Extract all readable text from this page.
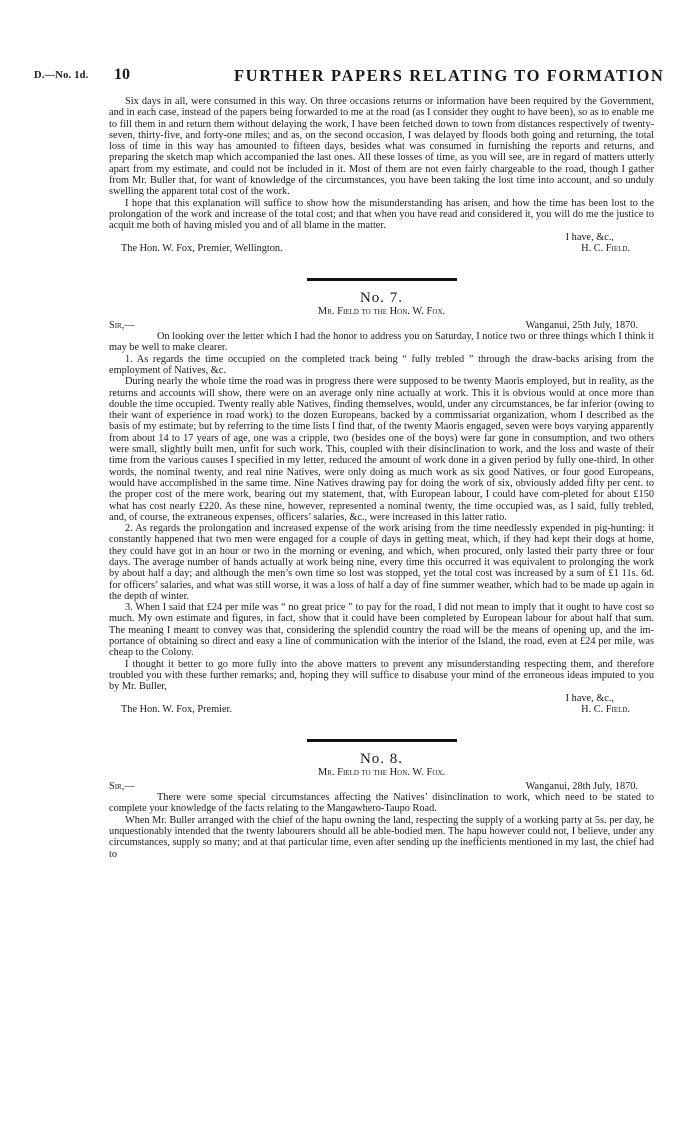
D.—No. 1d. 10	FURTHER PAPERS RELATING TO FORMATION

Six days in all, were consumed in this way. On three occasions returns or information have been required by the Government, and in each case, instead of the papers being forwarded to me at the road (as I consider they ought to have been), so as to enable me to fill them in and return them without delaying the work, I have been fetched down to town from distances respectively of twenty-seven, thirty-five, and forty-one miles; and as, on the second occasion, I was delayed by floods both going and returning, the total loss of time in this way has amounted to fifteen days, besides what was consumed in furnishing the reports and returns, and preparing the sketch map which accompanied the last ones. All these losses of time, as you will see, are in regard of matters utterly apart from my estimate, and could not be included in it. Most of them are not even fairly chargeable to the road, though I gather from Mr. Buller that, for want of knowledge of the circumstances, you have been taking the lost time into account, and so unduly swelling the apparent total cost of the work.

I hope that this explanation will suffice to show how the misunderstanding has arisen, and how the time has been lost to the prolongation of the work and increase of the total cost; and that when you have read and considered it, you will do me the justice to acquit me both of having misled you and of all blame in the matter.

I have, &c.,

The Hon. W. Fox, Premier, Wellington.	H. C. Field.
No. 7.
Mr. Field to the Hon. W. Fox.
Sir,—	Wanganui, 25th July, 1870.

On looking over the letter which I had the honor to address you on Saturday, I notice two or three things which I think it may be well to make clearer.

1. As regards the time occupied on the completed track being “ fully trebled ” through the draw-backs arising from the employment of Natives, &c.

During nearly the whole time the road was in progress there were supposed to be twenty Maoris employed, but in reality, as the returns and accounts will show, there were on an average only nine actually at work. This it is obvious would at once more than double the time occupied. Twenty really able Natives, finding themselves, would, under any circumstances, be far inferior (owing to their want of experience in road work) to the dozen Europeans, backed by a commissariat organization, whom I described as the basis of my estimate; but by referring to the time lists I find that, of the twenty Maoris engaged, seven were boys varying apparently from about 14 to 17 years of age, one was a cripple, two (besides one of the boys) were far gone in consumption, and two others were small, slightly built men, unfit for such work. This, coupled with their disinclination to work, and the loss and waste of their time from the various causes I specified in my letter, reduced the amount of work done in a given period by fully one-third. In other words, the nominal twenty, and real nine Natives, were only doing as much work as six good Natives, or four good Europeans, would have accomplished in the same time. Nine Natives drawing pay for doing the work of six, obviously added fifty per cent. to the proper cost of the mere work, bearing out my statement, that, with European labour, I could have com-pleted for about £150 what has cost nearly £220. As these nine, however, represented a nominal twenty, the time occupied was, as I said, fully trebled, and, of course, the extraneous expenses, officers’ salaries, &c., were increased in this latter ratio.

2. As regards the prolongation and increased expense of the work arising from the time needlessly expended in pig-hunting: it constantly happened that two men were engaged for a couple of days in getting meat, which, if they had kept their dogs at home, they could have got in an hour or two in the morning or evening, and which, when procured, only lasted their party three or four days. The average number of hands actually at work being nine, every time this occurred it was equivalent to prolonging the work by about half a day; and although the men’s own time so lost was stopped, yet the total cost was increased by a sum of £1 11s. 6d. for officers’ salaries, and what was still worse, it was a loss of half a day of fine summer weather, which had to be made up again in the depth of winter.

3. When I said that £24 per mile was “ no great price ” to pay for the road, I did not mean to imply that it ought to have cost so much. My own estimate and figures, in fact, show that it could have been completed by European labour for about half that sum. The meaning I meant to convey was that, considering the splendid country the road will be the means of opening up, and the im-portance of obtaining so direct and easy a line of communication with the interior of the Island, the road, even at £24 per mile, was cheap to the Colony.

I thought it better to go more fully into the above matters to prevent any misunderstanding respecting them, and therefore troubled you with these further remarks; and, hoping they will suffice to disabuse your mind of the erroneous ideas imputed to you by Mr. Buller,

I have, &c.,

The Hon. W. Fox, Premier.	H. C. Field.
No. 8.
Mr. Field to the Hon. W. Fox.
Sir,—	Wanganui, 28th July, 1870.

There were some special circumstances affecting the Natives’ disinclination to work, which need to be stated to complete your knowledge of the facts relating to the Mangawhero-Taupo Road.

When Mr. Buller arranged with the chief of the hapu owning the land, respecting the supply of a working party at 5s. per day, he unquestionably intended that the twenty labourers should all be able-bodied men. The hapu however could not, I believe, under any circumstances, supply so many; and at that particular time, even after sending up the inefficients mentioned in my last, the chief had to
